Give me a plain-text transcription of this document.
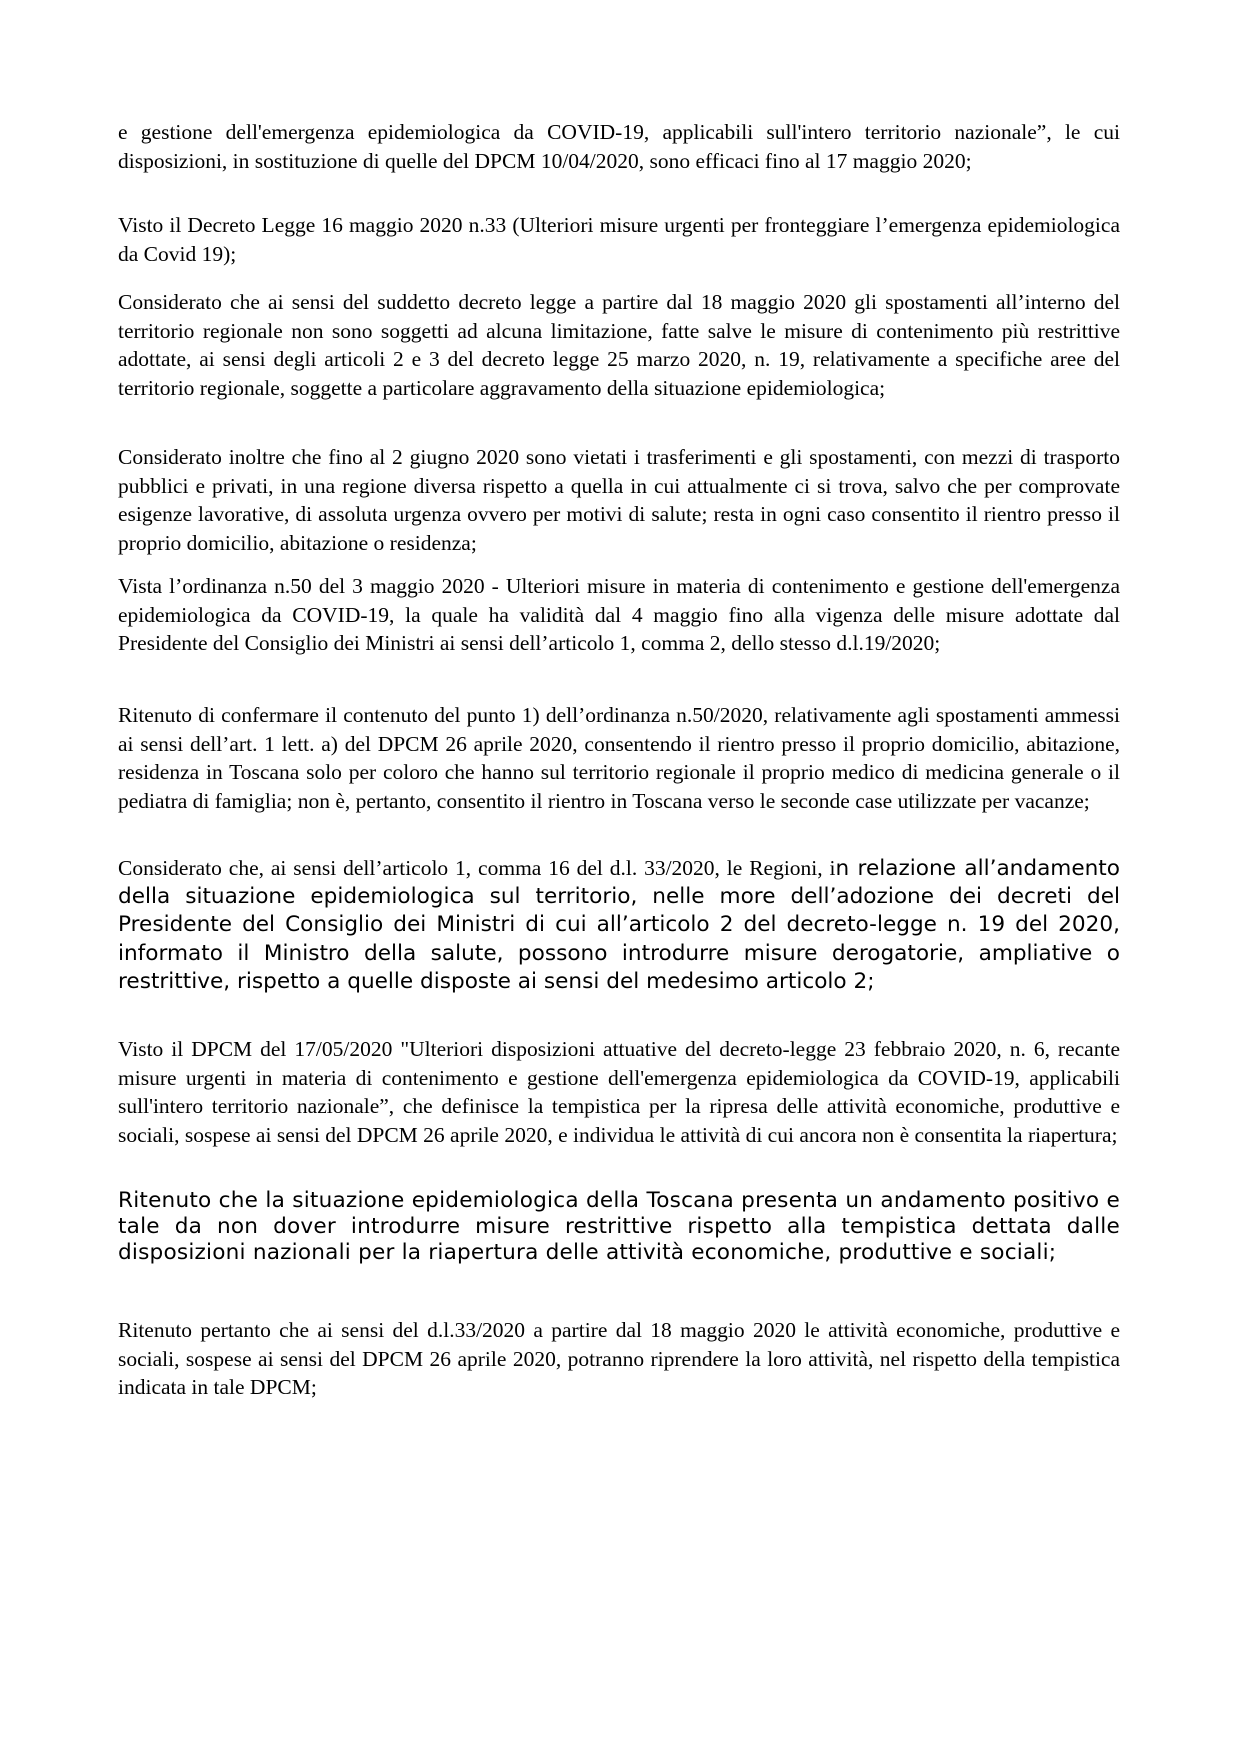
e gestione dell'emergenza epidemiologica da COVID-19, applicabili sull'intero territorio nazionale”, le cui disposizioni, in sostituzione di quelle del DPCM 10/04/2020, sono efficaci fino al 17 maggio 2020;

Visto il Decreto Legge 16 maggio 2020 n.33 (Ulteriori misure urgenti per fronteggiare l’emergenza epidemiologica da Covid 19);

Considerato che ai sensi del suddetto decreto legge a partire dal 18 maggio 2020 gli spostamenti all’interno del territorio regionale non sono soggetti ad alcuna limitazione, fatte salve le misure di contenimento più restrittive adottate, ai sensi degli articoli 2 e 3 del decreto legge 25 marzo 2020, n. 19, relativamente a specifiche aree del territorio regionale, soggette a particolare aggravamento della situazione epidemiologica;

Considerato inoltre che fino al 2 giugno 2020 sono vietati i trasferimenti e gli spostamenti, con mezzi di trasporto pubblici e privati, in una regione diversa rispetto a quella in cui attualmente ci si trova, salvo che per comprovate esigenze lavorative, di assoluta urgenza ovvero per motivi di salute; resta in ogni caso consentito il rientro presso il proprio domicilio, abitazione o residenza;

Vista l’ordinanza n.50 del 3 maggio 2020 - Ulteriori misure in materia di contenimento e gestione dell'emergenza epidemiologica da COVID-19, la quale ha validità dal 4 maggio fino alla vigenza delle misure adottate dal Presidente del Consiglio dei Ministri ai sensi dell’articolo 1, comma 2, dello stesso d.l.19/2020;

Ritenuto di confermare il contenuto del punto 1) dell’ordinanza n.50/2020, relativamente agli spostamenti ammessi ai sensi dell’art. 1 lett. a) del DPCM 26 aprile 2020, consentendo il rientro presso il proprio domicilio, abitazione, residenza in Toscana solo per coloro che hanno sul territorio regionale il proprio medico di medicina generale o il pediatra di famiglia; non è, pertanto, consentito il rientro in Toscana verso le seconde case utilizzate per vacanze;

Considerato che, ai sensi dell’articolo 1, comma 16 del d.l. 33/2020, le Regioni, in relazione all’andamento della situazione epidemiologica sul territorio, nelle more dell’adozione dei decreti del Presidente del Consiglio dei Ministri di cui all’articolo 2 del decreto-legge n. 19 del 2020, informato il Ministro della salute, possono introdurre misure derogatorie, ampliative o restrittive, rispetto a quelle disposte ai sensi del medesimo articolo 2;

Visto il DPCM del 17/05/2020 "Ulteriori disposizioni attuative del decreto-legge 23 febbraio 2020, n. 6, recante misure urgenti in materia di contenimento e gestione dell'emergenza epidemiologica da COVID-19, applicabili sull'intero territorio nazionale”, che definisce la tempistica per la ripresa delle attività economiche, produttive e sociali, sospese ai sensi del DPCM 26 aprile 2020, e individua le attività di cui ancora non è consentita la riapertura;

Ritenuto che la situazione epidemiologica della Toscana presenta un andamento positivo e tale da non dover introdurre misure restrittive rispetto alla tempistica dettata dalle disposizioni nazionali per la riapertura delle attività economiche, produttive e sociali;

Ritenuto pertanto che ai sensi del d.l.33/2020 a partire dal 18 maggio 2020 le attività economiche, produttive e sociali, sospese ai sensi del DPCM 26 aprile 2020, potranno riprendere la loro attività, nel rispetto della tempistica indicata in tale DPCM;
